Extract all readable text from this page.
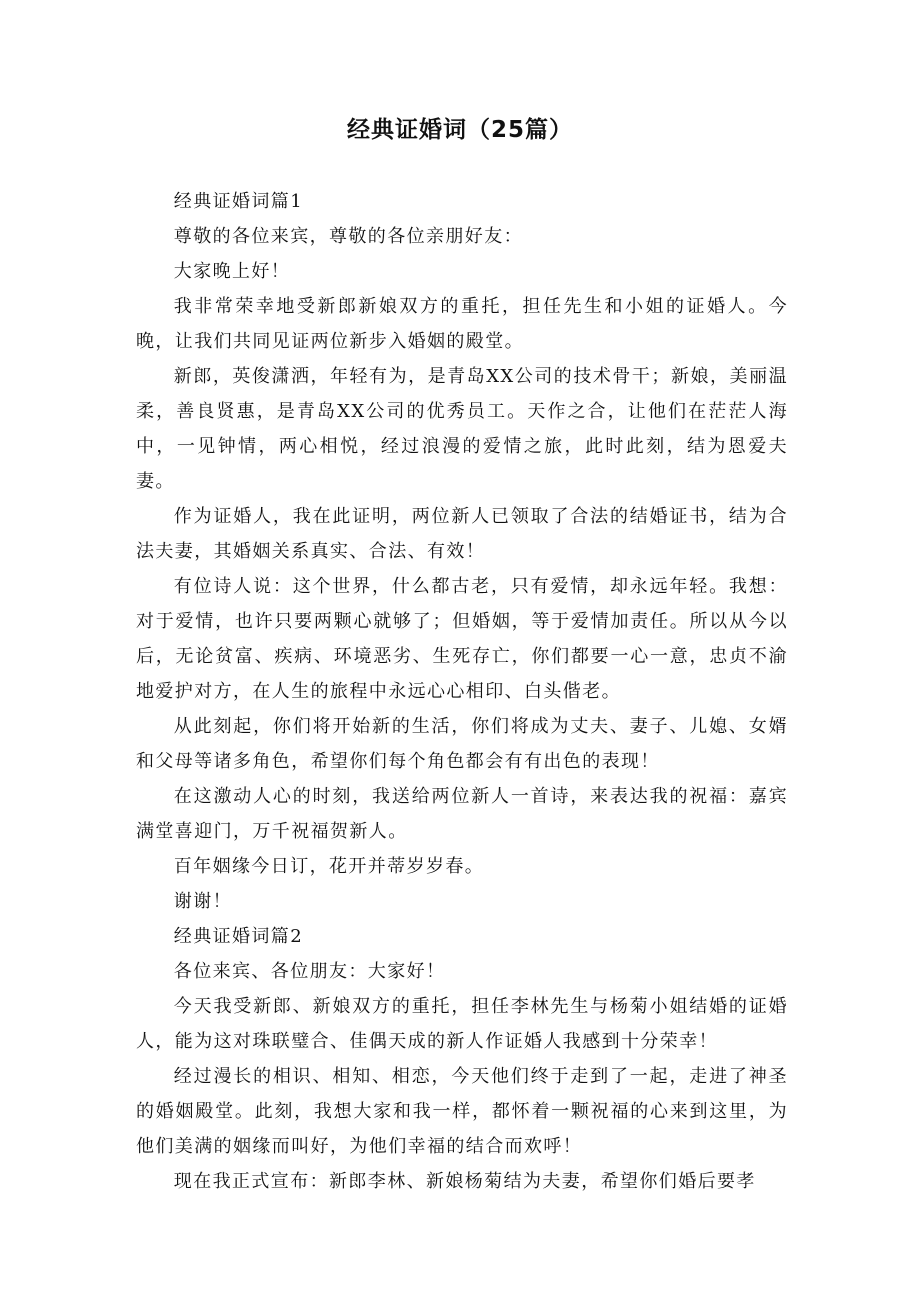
经典证婚词（25篇）

经典证婚词篇1

尊敬的各位来宾，尊敬的各位亲朋好友：

大家晚上好！

我非常荣幸地受新郎新娘双方的重托，担任先生和小姐的证婚人。今晚，让我们共同见证两位新步入婚姻的殿堂。

新郎，英俊潇洒，年轻有为，是青岛XX公司的技术骨干；新娘，美丽温柔，善良贤惠，是青岛XX公司的优秀员工。天作之合，让他们在茫茫人海中，一见钟情，两心相悦，经过浪漫的爱情之旅，此时此刻，结为恩爱夫妻。

作为证婚人，我在此证明，两位新人已领取了合法的结婚证书，结为合法夫妻，其婚姻关系真实、合法、有效！

有位诗人说：这个世界，什么都古老，只有爱情，却永远年轻。我想：对于爱情，也许只要两颗心就够了；但婚姻，等于爱情加责任。所以从今以后，无论贫富、疾病、环境恶劣、生死存亡，你们都要一心一意，忠贞不渝地爱护对方，在人生的旅程中永远心心相印、白头偕老。

从此刻起，你们将开始新的生活，你们将成为丈夫、妻子、儿媳、女婿和父母等诸多角色，希望你们每个角色都会有有出色的表现！

在这激动人心的时刻，我送给两位新人一首诗，来表达我的祝福：嘉宾满堂喜迎门，万千祝福贺新人。

百年姻缘今日订，花开并蒂岁岁春。

谢谢！

经典证婚词篇2

各位来宾、各位朋友：大家好！

今天我受新郎、新娘双方的重托，担任李林先生与杨菊小姐结婚的证婚人，能为这对珠联璧合、佳偶天成的新人作证婚人我感到十分荣幸！

经过漫长的相识、相知、相恋，今天他们终于走到了一起，走进了神圣的婚姻殿堂。此刻，我想大家和我一样，都怀着一颗祝福的心来到这里，为他们美满的姻缘而叫好，为他们幸福的结合而欢呼！

现在我正式宣布：新郎李林、新娘杨菊结为夫妻，希望你们婚后要孝
